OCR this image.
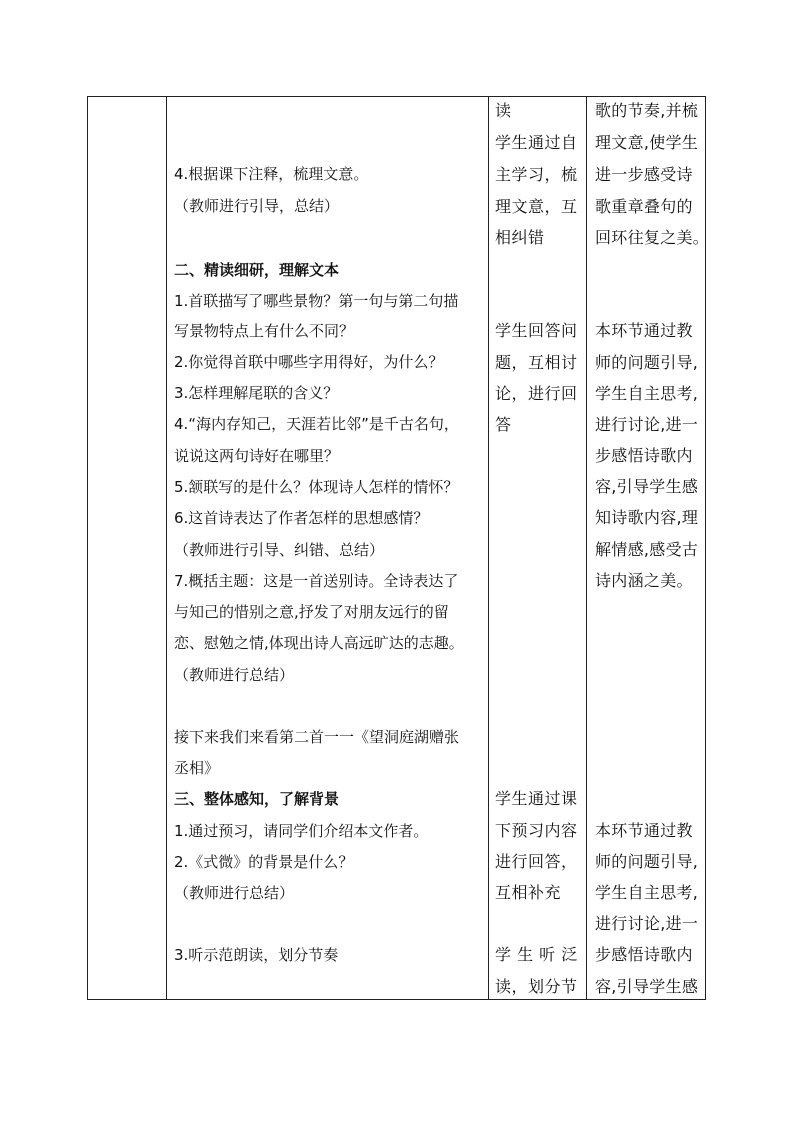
4.根据课下注释，梳理文意。
（教师进行引导，总结）
二、精读细研，理解文本
1.首联描写了哪些景物？第一句与第二句描
写景物特点上有什么不同？
2.你觉得首联中哪些字用得好，为什么？
3.怎样理解尾联的含义？
4.“海内存知己，天涯若比邻”是千古名句，
说说这两句诗好在哪里？
5.颔联写的是什么？体现诗人怎样的情怀？
6.这首诗表达了作者怎样的思想感情？
（教师进行引导、纠错、总结）
7.概括主题：这是一首送别诗。全诗表达了
与知己的惜别之意,抒发了对朋友远行的留
恋、慰勉之情,体现出诗人高远旷达的志趣。
（教师进行总结）
接下来我们来看第二首一一《望洞庭湖赠张
丞相》
三、整体感知，了解背景
1.通过预习，请同学们介绍本文作者。
2.《式微》的背景是什么？
（教师进行总结）
3.听示范朗读，划分节奏
读
学生通过自
主学习，梳
理文意，互
相纠错
学生回答问
题，互相讨
论，进行回
答
学生通过课
下预习内容
进行回答，
互相补充
学 生 听 泛
读，划分节
歌的节奏,并梳
理文意,使学生
进一步感受诗
歌重章叠句的
回环往复之美。
本环节通过教
师的问题引导,
学生自主思考,
进行讨论,进一
步感悟诗歌内
容,引导学生感
知诗歌内容,理
解情感,感受古
诗内涵之美。
本环节通过教
师的问题引导,
学生自主思考,
进行讨论,进一
步感悟诗歌内
容,引导学生感
